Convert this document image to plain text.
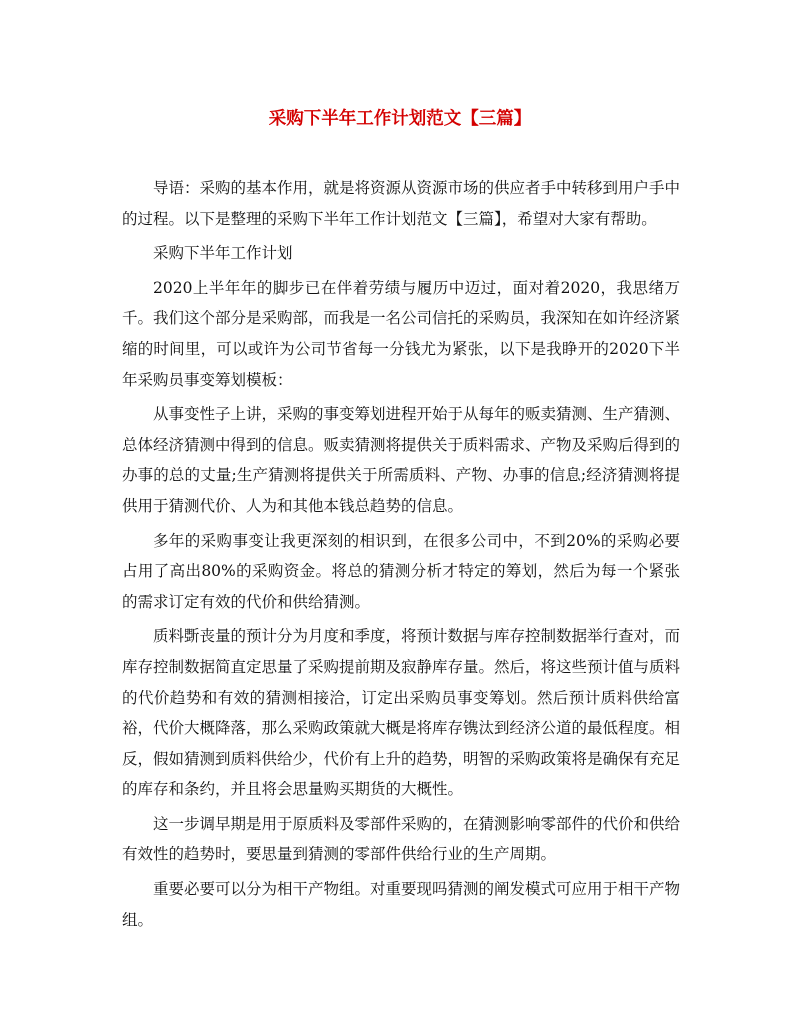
采购下半年工作计划范文【三篇】

导语：采购的基本作用，就是将资源从资源市场的供应者手中转移到用户手中的过程。以下是整理的采购下半年工作计划范文【三篇】，希望对大家有帮助。

采购下半年工作计划

2020上半年年的脚步已在伴着劳绩与履历中迈过，面对着2020，我思绪万千。我们这个部分是采购部，而我是一名公司信托的采购员，我深知在如许经济紧缩的时间里，可以或许为公司节省每一分钱尤为紧张，以下是我睁开的2020下半年采购员事变筹划模板：

从事变性子上讲，采购的事变筹划进程开始于从每年的贩卖猜测、生产猜测、总体经济猜测中得到的信息。贩卖猜测将提供关于质料需求、产物及采购后得到的办事的总的丈量;生产猜测将提供关于所需质料、产物、办事的信息;经济猜测将提供用于猜测代价、人为和其他本钱总趋势的信息。

多年的采购事变让我更深刻的相识到，在很多公司中，不到20%的采购必要占用了高出80%的采购资金。将总的猜测分析才特定的筹划，然后为每一个紧张的需求订定有效的代价和供给猜测。

质料斲丧量的预计分为月度和季度，将预计数据与库存控制数据举行查对，而库存控制数据简直定思量了采购提前期及寂静库存量。然后，将这些预计值与质料的代价趋势和有效的猜测相接洽，订定出采购员事变筹划。然后预计质料供给富裕，代价大概降落，那么采购政策就大概是将库存镌汰到经济公道的最低程度。相反，假如猜测到质料供给少，代价有上升的趋势，明智的采购政策将是确保有充足的库存和条约，并且将会思量购买期货的大概性。

这一步调早期是用于原质料及零部件采购的，在猜测影响零部件的代价和供给有效性的趋势时，要思量到猜测的零部件供给行业的生产周期。

重要必要可以分为相干产物组。对重要现吗猜测的阐发模式可应用于相干产物组。
